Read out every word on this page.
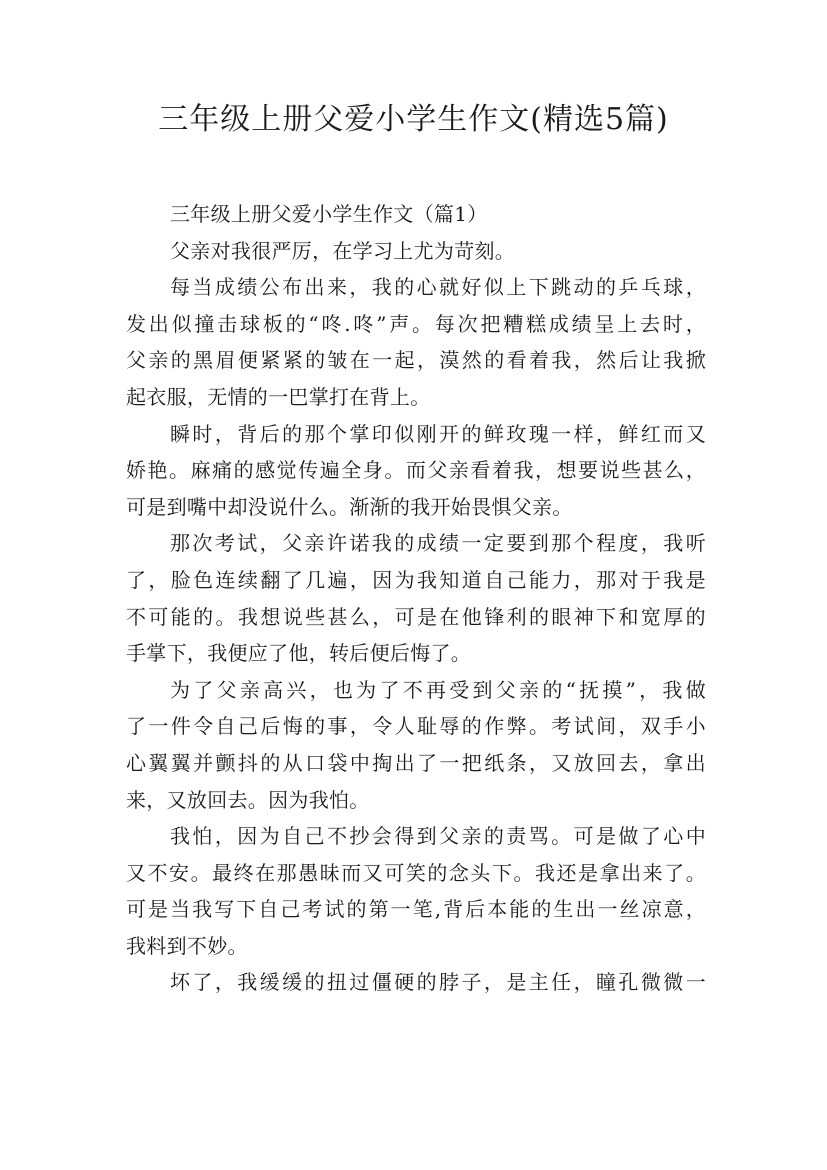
三年级上册父爱小学生作文(精选5篇)
三年级上册父爱小学生作文（篇1）
父亲对我很严厉，在学习上尤为苛刻。
每当成绩公布出来，我的心就好似上下跳动的乒乓球，
发出似撞击球板的“咚.咚”声。每次把糟糕成绩呈上去时，
父亲的黑眉便紧紧的皱在一起，漠然的看着我，然后让我掀
起衣服，无情的一巴掌打在背上。
瞬时，背后的那个掌印似刚开的鲜玫瑰一样，鲜红而又
娇艳。麻痛的感觉传遍全身。而父亲看着我，想要说些甚么，
可是到嘴中却没说什么。渐渐的我开始畏惧父亲。
那次考试，父亲许诺我的成绩一定要到那个程度，我听
了，脸色连续翻了几遍，因为我知道自己能力，那对于我是
不可能的。我想说些甚么，可是在他锋利的眼神下和宽厚的
手掌下，我便应了他，转后便后悔了。
为了父亲高兴，也为了不再受到父亲的“抚摸”，我做
了一件令自己后悔的事，令人耻辱的作弊。考试间，双手小
心翼翼并颤抖的从口袋中掏出了一把纸条，又放回去，拿出
来，又放回去。因为我怕。
我怕，因为自己不抄会得到父亲的责骂。可是做了心中
又不安。最终在那愚昧而又可笑的念头下。我还是拿出来了。
可是当我写下自己考试的第一笔,背后本能的生出一丝凉意，
我料到不妙。
坏了，我缓缓的扭过僵硬的脖子，是主任，瞳孔微微一
